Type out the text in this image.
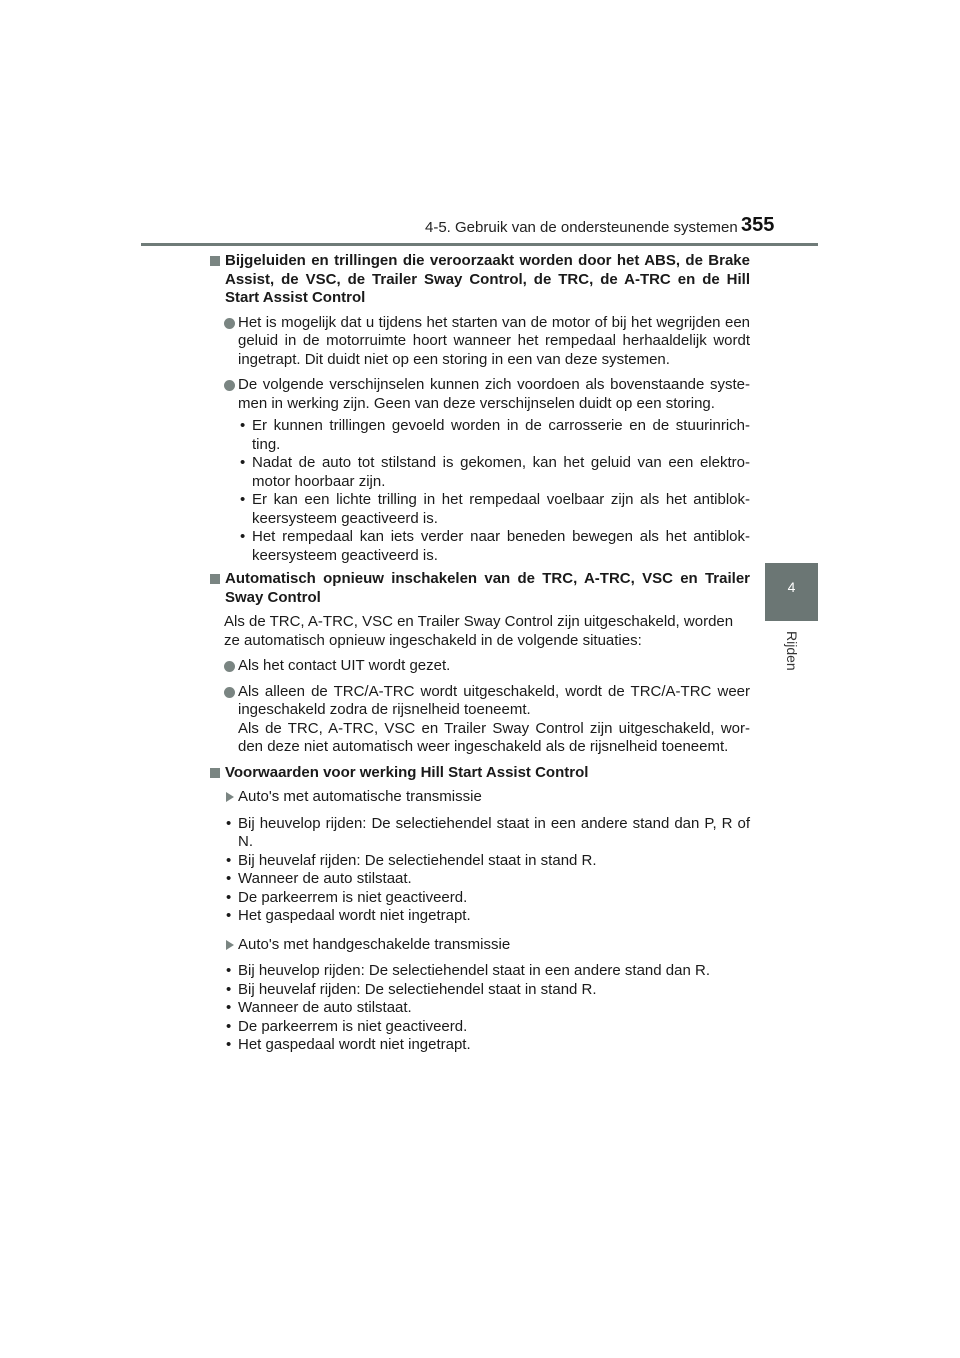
4-5. Gebruik van de ondersteunende systemen 355
4
Rijden
Bijgeluiden en trillingen die veroorzaakt worden door het ABS, de Brake Assist, de VSC, de Trailer Sway Control, de TRC, de A-TRC en de Hill Start Assist Control
Het is mogelijk dat u tijdens het starten van de motor of bij het wegrijden een geluid in de motorruimte hoort wanneer het rempedaal herhaaldelijk wordt ingetrapt. Dit duidt niet op een storing in een van deze systemen.
De volgende verschijnselen kunnen zich voordoen als bovenstaande syste-men in werking zijn. Geen van deze verschijnselen duidt op een storing.
• Er kunnen trillingen gevoeld worden in de carrosserie en de stuurinrich-ting.
• Nadat de auto tot stilstand is gekomen, kan het geluid van een elektro-motor hoorbaar zijn.
• Er kan een lichte trilling in het rempedaal voelbaar zijn als het antiblok-keersysteem geactiveerd is.
• Het rempedaal kan iets verder naar beneden bewegen als het antiblok-keersysteem geactiveerd is.
Automatisch opnieuw inschakelen van de TRC, A-TRC, VSC en Trailer Sway Control
Als de TRC, A-TRC, VSC en Trailer Sway Control zijn uitgeschakeld, worden
ze automatisch opnieuw ingeschakeld in de volgende situaties:
Als het contact UIT wordt gezet.
Als alleen de TRC/A-TRC wordt uitgeschakeld, wordt de TRC/A-TRC weer ingeschakeld zodra de rijsnelheid toeneemt.
Als de TRC, A-TRC, VSC en Trailer Sway Control zijn uitgeschakeld, wor-den deze niet automatisch weer ingeschakeld als de rijsnelheid toeneemt.
Voorwaarden voor werking Hill Start Assist Control
Auto's met automatische transmissie
• Bij heuvelop rijden: De selectiehendel staat in een andere stand dan P, R of N.
• Bij heuvelaf rijden: De selectiehendel staat in stand R.
• Wanneer de auto stilstaat.
• De parkeerrem is niet geactiveerd.
• Het gaspedaal wordt niet ingetrapt.
Auto's met handgeschakelde transmissie
• Bij heuvelop rijden: De selectiehendel staat in een andere stand dan R.
• Bij heuvelaf rijden: De selectiehendel staat in stand R.
• Wanneer de auto stilstaat.
• De parkeerrem is niet geactiveerd.
• Het gaspedaal wordt niet ingetrapt.
